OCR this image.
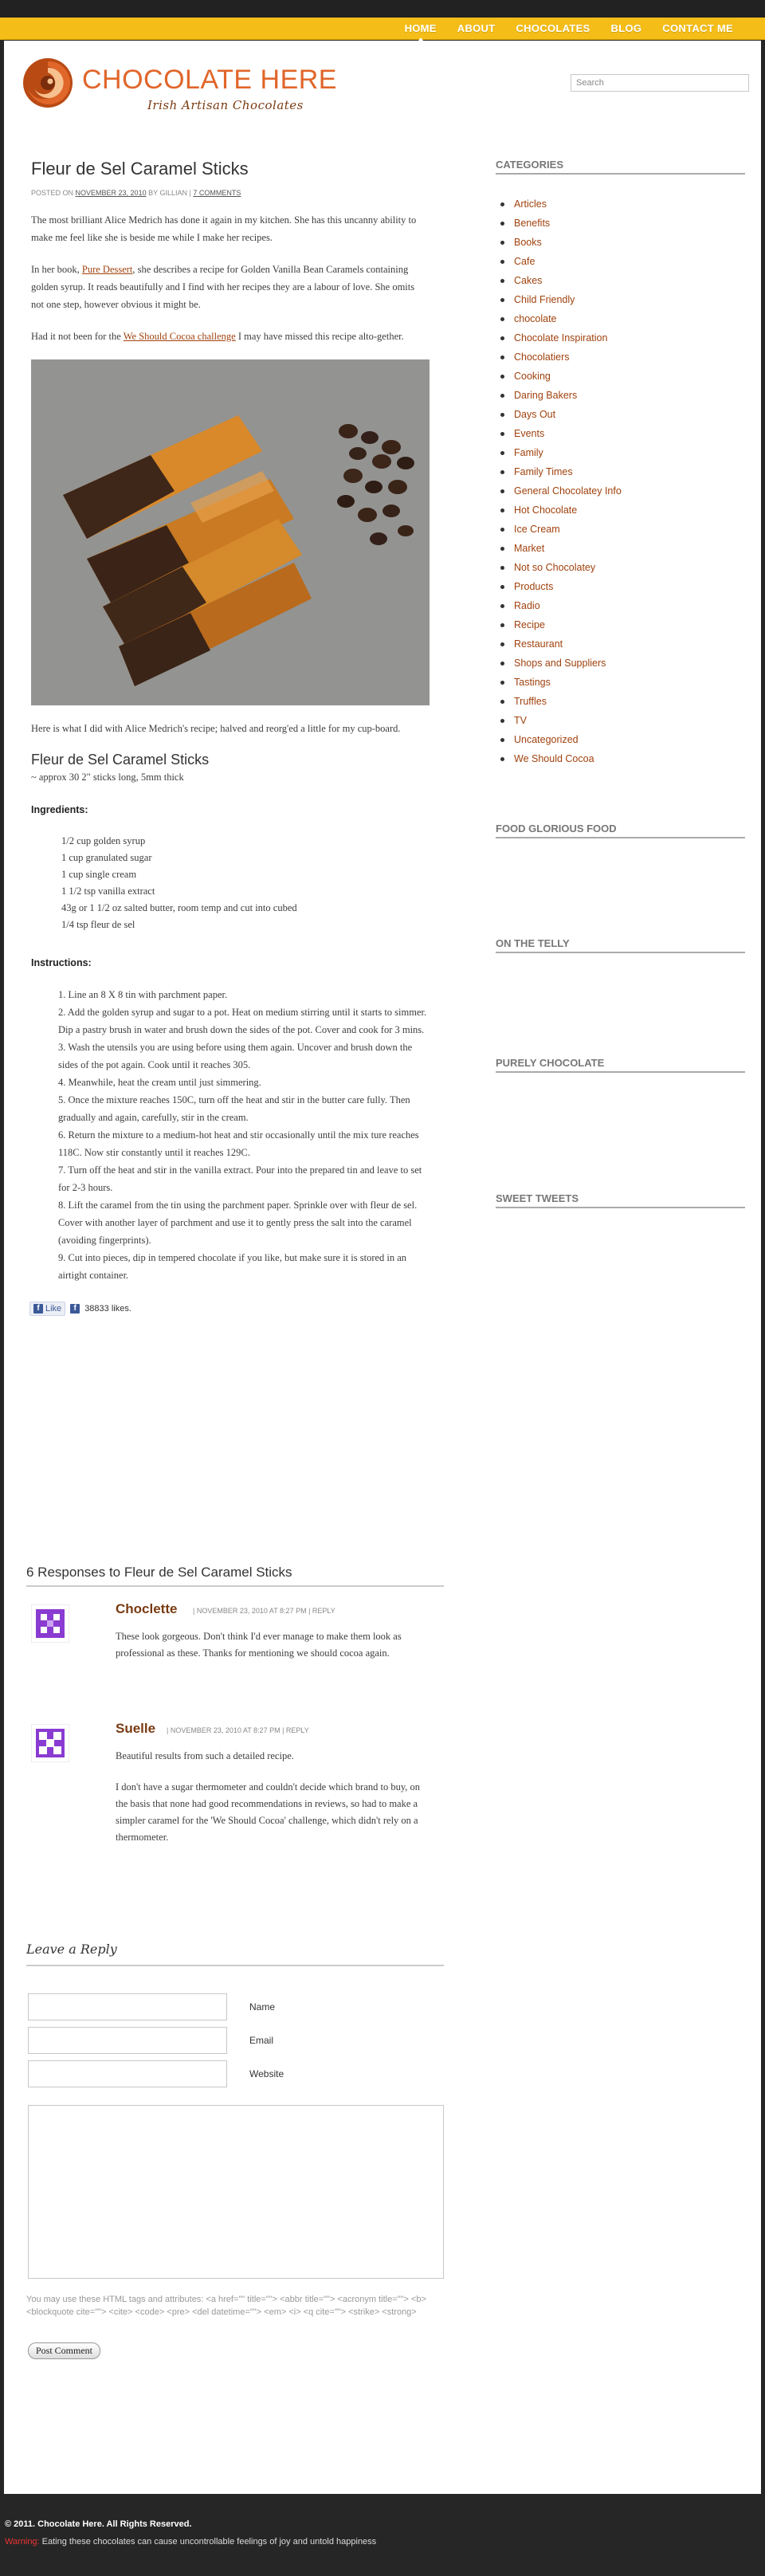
HOME ABOUT CHOCOLATES BLOG CONTACT ME
CHOCOLATE HERE
Irish Artisan Chocolates
Search
Fleur de Sel Caramel Sticks
POSTED ON NOVEMBER 23, 2010 BY GILLIAN | 7 COMMENTS

The most brilliant Alice Medrich has done it again in my kitchen. She has this uncanny ability to make me feel like she is beside me while I make her recipes.

In her book, Pure Dessert, she describes a recipe for Golden Vanilla Bean Caramels containing golden syrup. It reads beautifully and I find with her recipes they are a labour of love. She omits not one step, however obvious it might be.

Had it not been for the We Should Cocoa challenge I may have missed this recipe alto-gether.

Here is what I did with Alice Medrich's recipe; halved and reorg'ed a little for my cup-board.

Fleur de Sel Caramel Sticks
~ approx 30 2" sticks long, 5mm thick
Ingredients:
1/2 cup golden syrup
1 cup granulated sugar
1 cup single cream
1 1/2 tsp vanilla extract
43g or 1 1/2 oz salted butter, room temp and cut into cubed
1/4 tsp fleur de sel
Instructions:
1. Line an 8 X 8 tin with parchment paper.
2. Add the golden syrup and sugar to a pot. Heat on medium stirring until it starts to simmer. Dip a pastry brush in water and brush down the sides of the pot. Cover and cook for 3 mins.
3. Wash the utensils you are using before using them again. Uncover and brush down the sides of the pot again. Cook until it reaches 305.
4. Meanwhile, heat the cream until just simmering.
5. Once the mixture reaches 150C, turn off the heat and stir in the butter care fully. Then gradually and again, carefully, stir in the cream.
6. Return the mixture to a medium-hot heat and stir occasionally until the mix ture reaches 118C. Now stir constantly until it reaches 129C.
7. Turn off the heat and stir in the vanilla extract. Pour into the prepared tin and leave to set for 2-3 hours.
8. Lift the caramel from the tin using the parchment paper. Sprinkle over with fleur de sel. Cover with another layer of parchment and use it to gently press the salt into the caramel (avoiding fingerprints).
9. Cut into pieces, dip in tempered chocolate if you like, but make sure it is stored in an airtight container.
f Like	f 38833 likes.
6 Responses to Fleur de Sel Caramel Sticks
Choclette | NOVEMBER 23, 2010 AT 8:27 PM | REPLY

These look gorgeous. Don't think I'd ever manage to make them look as professional as these. Thanks for mentioning we should cocoa again.

Suelle | NOVEMBER 23, 2010 AT 8:27 PM | REPLY

Beautiful results from such a detailed recipe.

I don't have a sugar thermometer and couldn't decide which brand to buy, on the basis that none had good recommendations in reviews, so had to make a simpler caramel for the 'We Should Cocoa' challenge, which didn't rely on a thermometer.

Leave a Reply
Name
Email
Website
You may use these HTML tags and attributes: <a href="" title=""> <abbr title=""> <acronym title=""> <b> <blockquote cite=""> <cite> <code> <pre> <del datetime=""> <em> <i> <q cite=""> <strike> <strong>
Post Comment
CATEGORIES
Articles
Benefits
Books
Cafe
Cakes
Child Friendly
chocolate
Chocolate Inspiration
Chocolatiers
Cooking
Daring Bakers
Days Out
Events
Family
Family Times
General Chocolatey Info
Hot Chocolate
Ice Cream
Market
Not so Chocolatey
Products
Radio
Recipe
Restaurant
Shops and Suppliers
Tastings
Truffles
TV
Uncategorized
We Should Cocoa
FOOD GLORIOUS FOOD
ON THE TELLY
PURELY CHOCOLATE
SWEET TWEETS
© 2011. Chocolate Here. All Rights Reserved.
Warning: Eating these chocolates can cause uncontrollable feelings of joy and untold happiness
